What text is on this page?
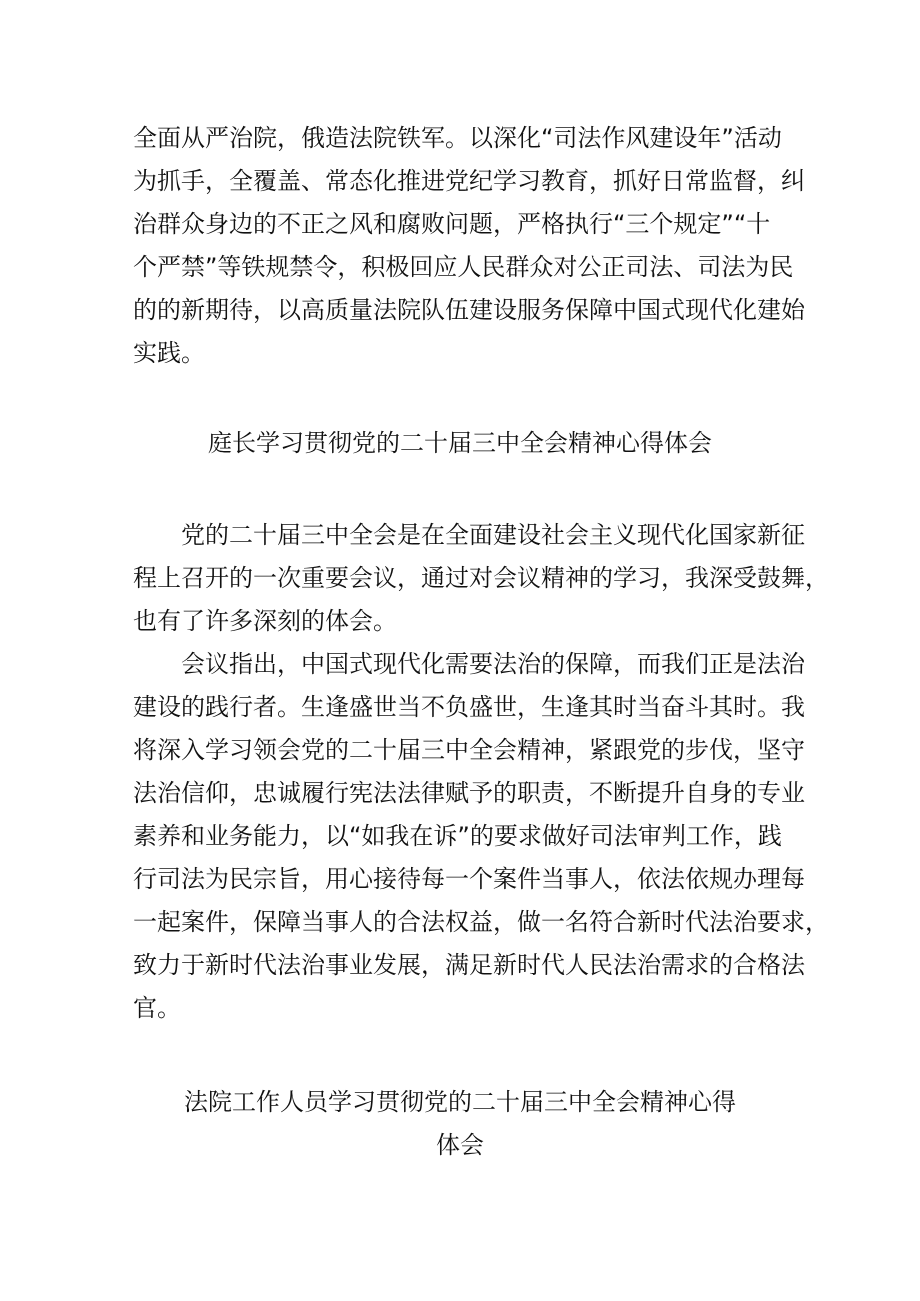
全面从严治院，俄造法院铁军。以深化“司法作风建设年”活动
为抓手，全覆盖、常态化推进党纪学习教育，抓好日常监督，纠
治群众身边的不正之风和腐败问题，严格执行“三个规定”“十
个严禁”等铁规禁令，积极回应人民群众对公正司法、司法为民
的的新期待，以高质量法院队伍建设服务保障中国式现代化建始
实践。
庭长学习贯彻党的二十届三中全会精神心得体会
党的二十届三中全会是在全面建设社会主义现代化国家新征
程上召开的一次重要会议，通过对会议精神的学习，我深受鼓舞，
也有了许多深刻的体会。
会议指出，中国式现代化需要法治的保障，而我们正是法治
建设的践行者。生逢盛世当不负盛世，生逢其时当奋斗其时。我
将深入学习领会党的二十届三中全会精神，紧跟党的步伐，坚守
法治信仰，忠诚履行宪法法律赋予的职责，不断提升自身的专业
素养和业务能力，以“如我在诉”的要求做好司法审判工作，践
行司法为民宗旨，用心接待每一个案件当事人，依法依规办理每
一起案件，保障当事人的合法权益，做一名符合新时代法治要求，
致力于新时代法治事业发展，满足新时代人民法治需求的合格法
官。
法院工作人员学习贯彻党的二十届三中全会精神心得
体会
